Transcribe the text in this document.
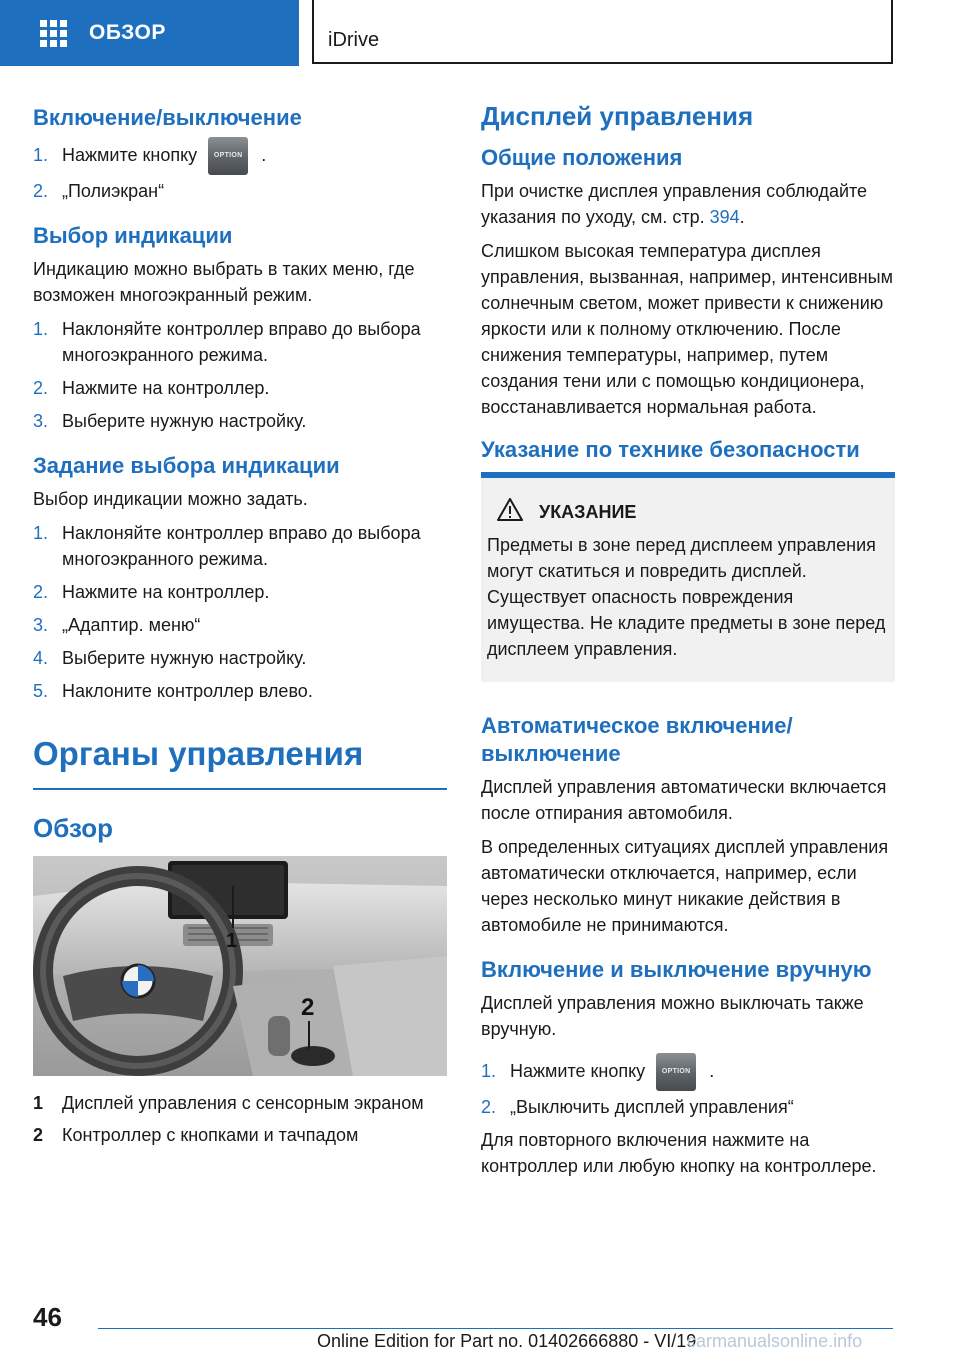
ОБЗОР	iDrive
Включение/выключение
1. Нажмите кнопку OPTION .
2. „Полиэкран“
Выбор индикации

Индикацию можно выбрать в таких меню, где возможен многоэкранный режим.

1. Наклоняйте контроллер вправо до выбора многоэкранного режима.
2. Нажмите на контроллер.
3. Выберите нужную настройку.
Задание выбора индикации

Выбор индикации можно задать.

1. Наклоняйте контроллер вправо до выбора многоэкранного режима.
2. Нажмите на контроллер.
3. „Адаптир. меню“
4. Выберите нужную настройку.
5. Наклоните контроллер влево.
Органы управления
Обзор
1
2
1 Дисплей управления с сенсорным экраном
2 Контроллер с кнопками и тачпадом
Дисплей управления
Общие положения

При очистке дисплея управления соблюдайте указания по уходу, см. стр. 394.

Слишком высокая температура дисплея управления, вызванная, например, интенсивным солнечным светом, может привести к снижению яркости или к полному отключению. После снижения температуры, например, путем создания тени или с помощью кондиционера, восстанавливается нормальная работа.

Указание по технике безопасности
УКАЗАНИЕ

Предметы в зоне перед дисплеем управления могут скатиться и повредить дисплей. Существует опасность повреждения имущества. Не кладите предметы в зоне перед дисплеем управления.

Автоматическое включение/выключение

Дисплей управления автоматически включается после отпирания автомобиля.

В определенных ситуациях дисплей управления автоматически отключается, например, если через несколько минут никакие действия в автомобиле не принимаются.

Включение и выключение вручную

Дисплей управления можно выключать также вручную.

1. Нажмите кнопку OPTION .
2. „Выключить дисплей управления“

Для повторного включения нажмите на контроллер или любую кнопку на контроллере.

46
Online Edition for Part no. 01402666880 - VI/19
carmanualsonline.info
